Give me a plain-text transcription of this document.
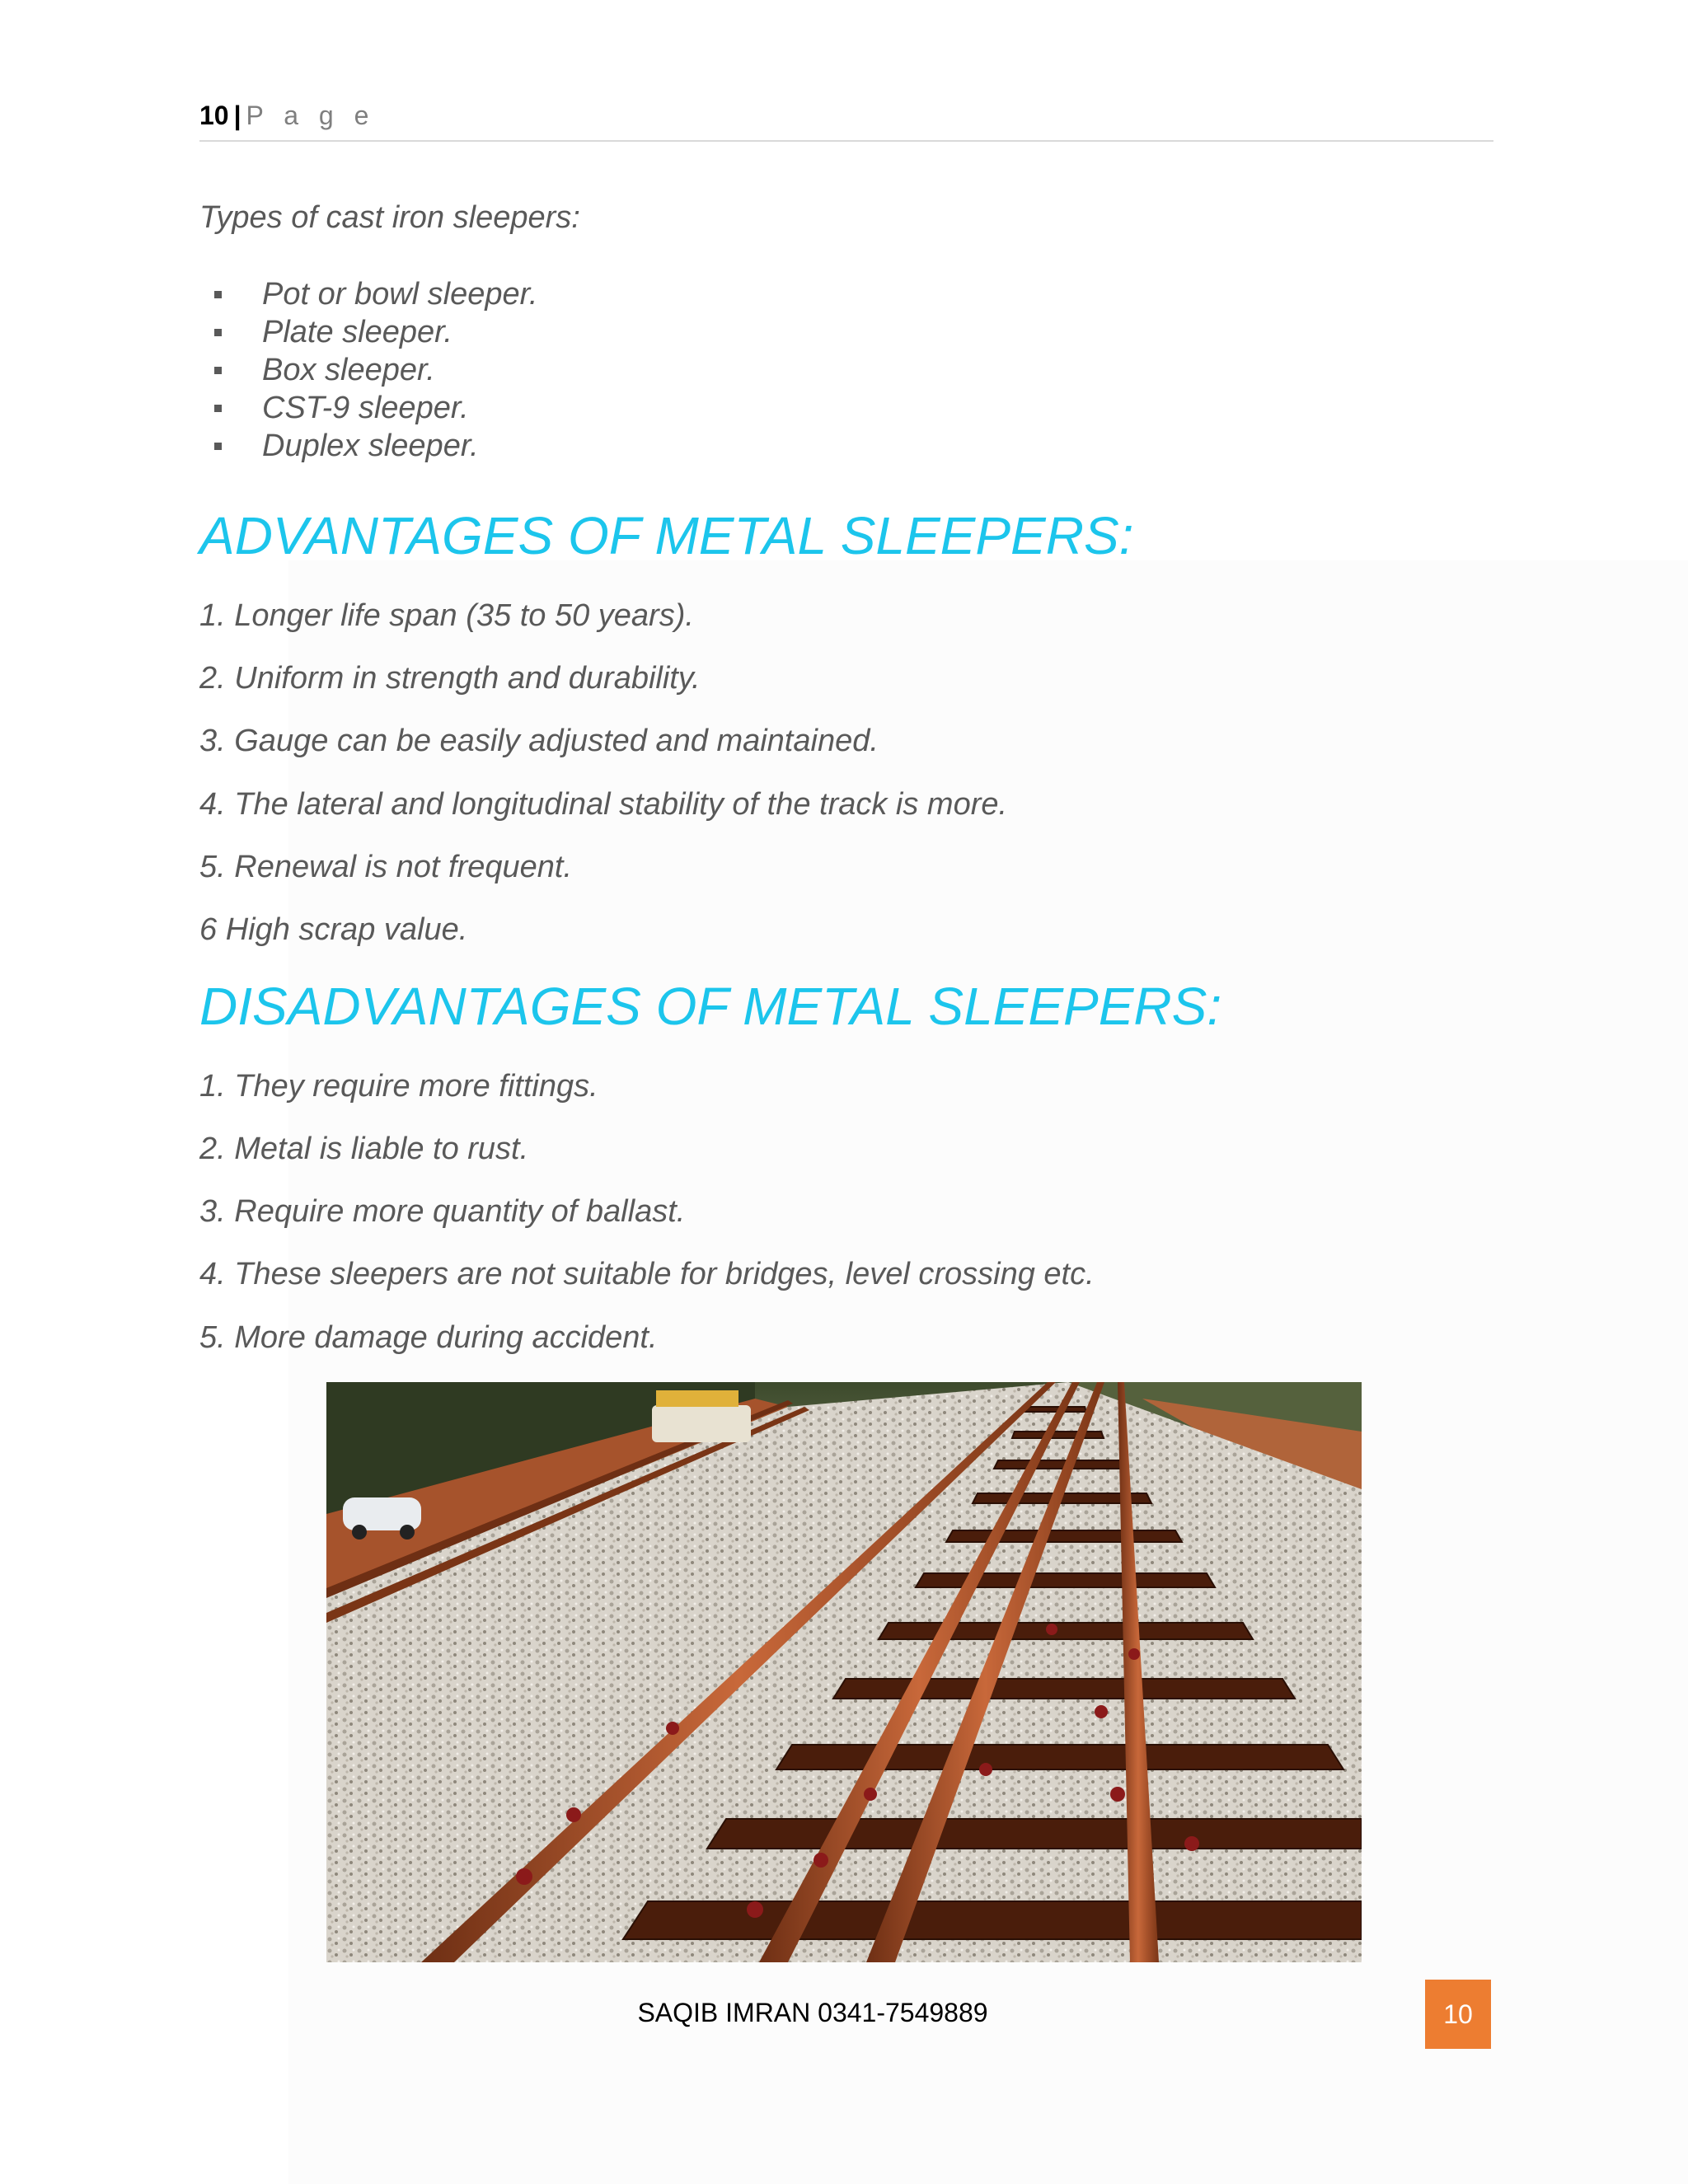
10 | P a g e
Types of cast iron sleepers:
Pot or bowl sleeper.
Plate sleeper.
Box sleeper.
CST-9 sleeper.
Duplex sleeper.
ADVANTAGES OF METAL SLEEPERS:
1. Longer life span (35 to 50 years).
2. Uniform in strength and durability.
3. Gauge can be easily adjusted and maintained.
4. The lateral and longitudinal stability of the track is more.
5. Renewal is not frequent.
6 High scrap value.
DISADVANTAGES OF METAL SLEEPERS:
1. They require more fittings.
2. Metal is liable to rust.
3. Require more quantity of ballast.
4. These sleepers are not suitable for bridges, level crossing etc.
5. More damage during accident.
SAQIB IMRAN 0341-7549889	10
